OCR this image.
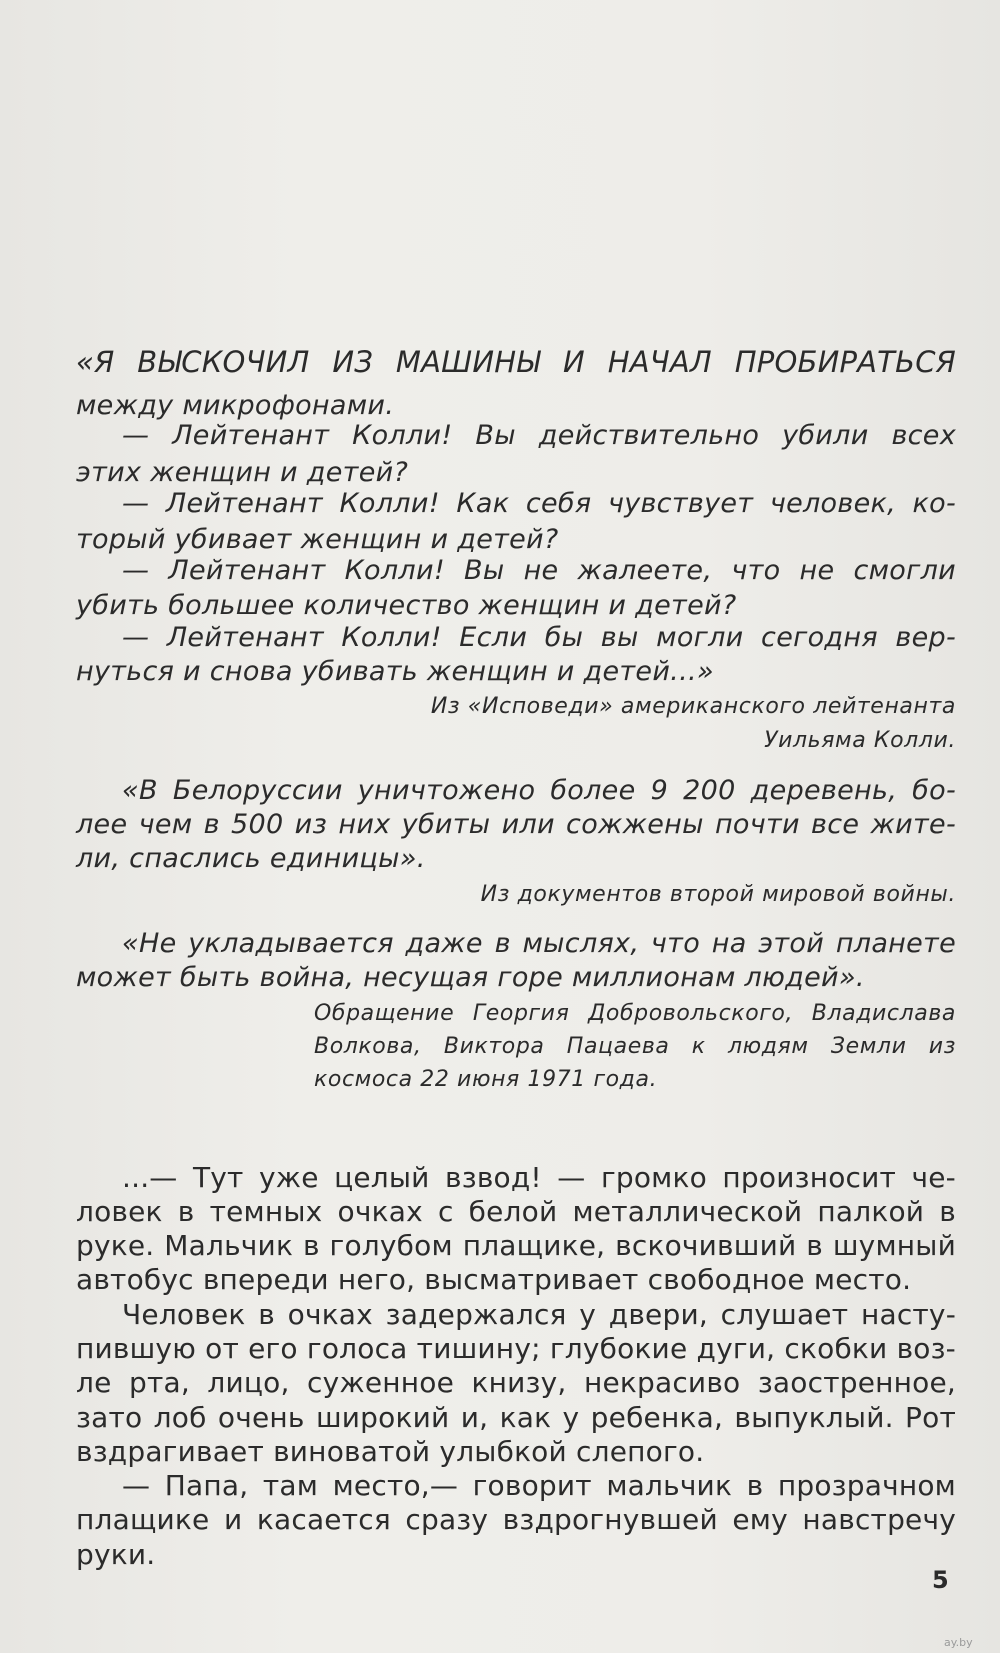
«Я ВЫСКОЧИЛ ИЗ МАШИНЫ И НАЧАЛ ПРОБИРАТЬСЯ
между микрофонами.
— Лейтенант Колли! Вы действительно убили всех
этих женщин и детей?
— Лейтенант Колли! Как себя чувствует человек, ко-
торый убивает женщин и детей?
— Лейтенант Колли! Вы не жалеете, что не смогли
убить большее количество женщин и детей?
— Лейтенант Колли! Если бы вы могли сегодня вер-
нуться и снова убивать женщин и детей...»
Из «Исповеди» американского лейтенанта
Уильяма Колли.
«В Белоруссии уничтожено более 9 200 деревень, бо-
лее чем в 500 из них убиты или сожжены почти все жите-
ли, спаслись единицы».
Из документов второй мировой войны.
«Не укладывается даже в мыслях, что на этой планете
может быть война, несущая горе миллионам людей».
Обращение Георгия Добровольского, Владислава
Волкова, Виктора Пацаева к людям Земли из
космоса 22 июня 1971 года.
...— Тут уже целый взвод! — громко произносит че-
ловек в темных очках с белой металлической палкой в
руке. Мальчик в голубом плащике, вскочивший в шумный
автобус впереди него, высматривает свободное место.
Человек в очках задержался у двери, слушает насту-
пившую от его голоса тишину; глубокие дуги, скобки воз-
ле рта, лицо, суженное книзу, некрасиво заостренное,
зато лоб очень широкий и, как у ребенка, выпуклый. Рот
вздрагивает виноватой улыбкой слепого.
— Папа, там место,— говорит мальчик в прозрачном
плащике и касается сразу вздрогнувшей ему навстречу
руки.
5
ay.by
